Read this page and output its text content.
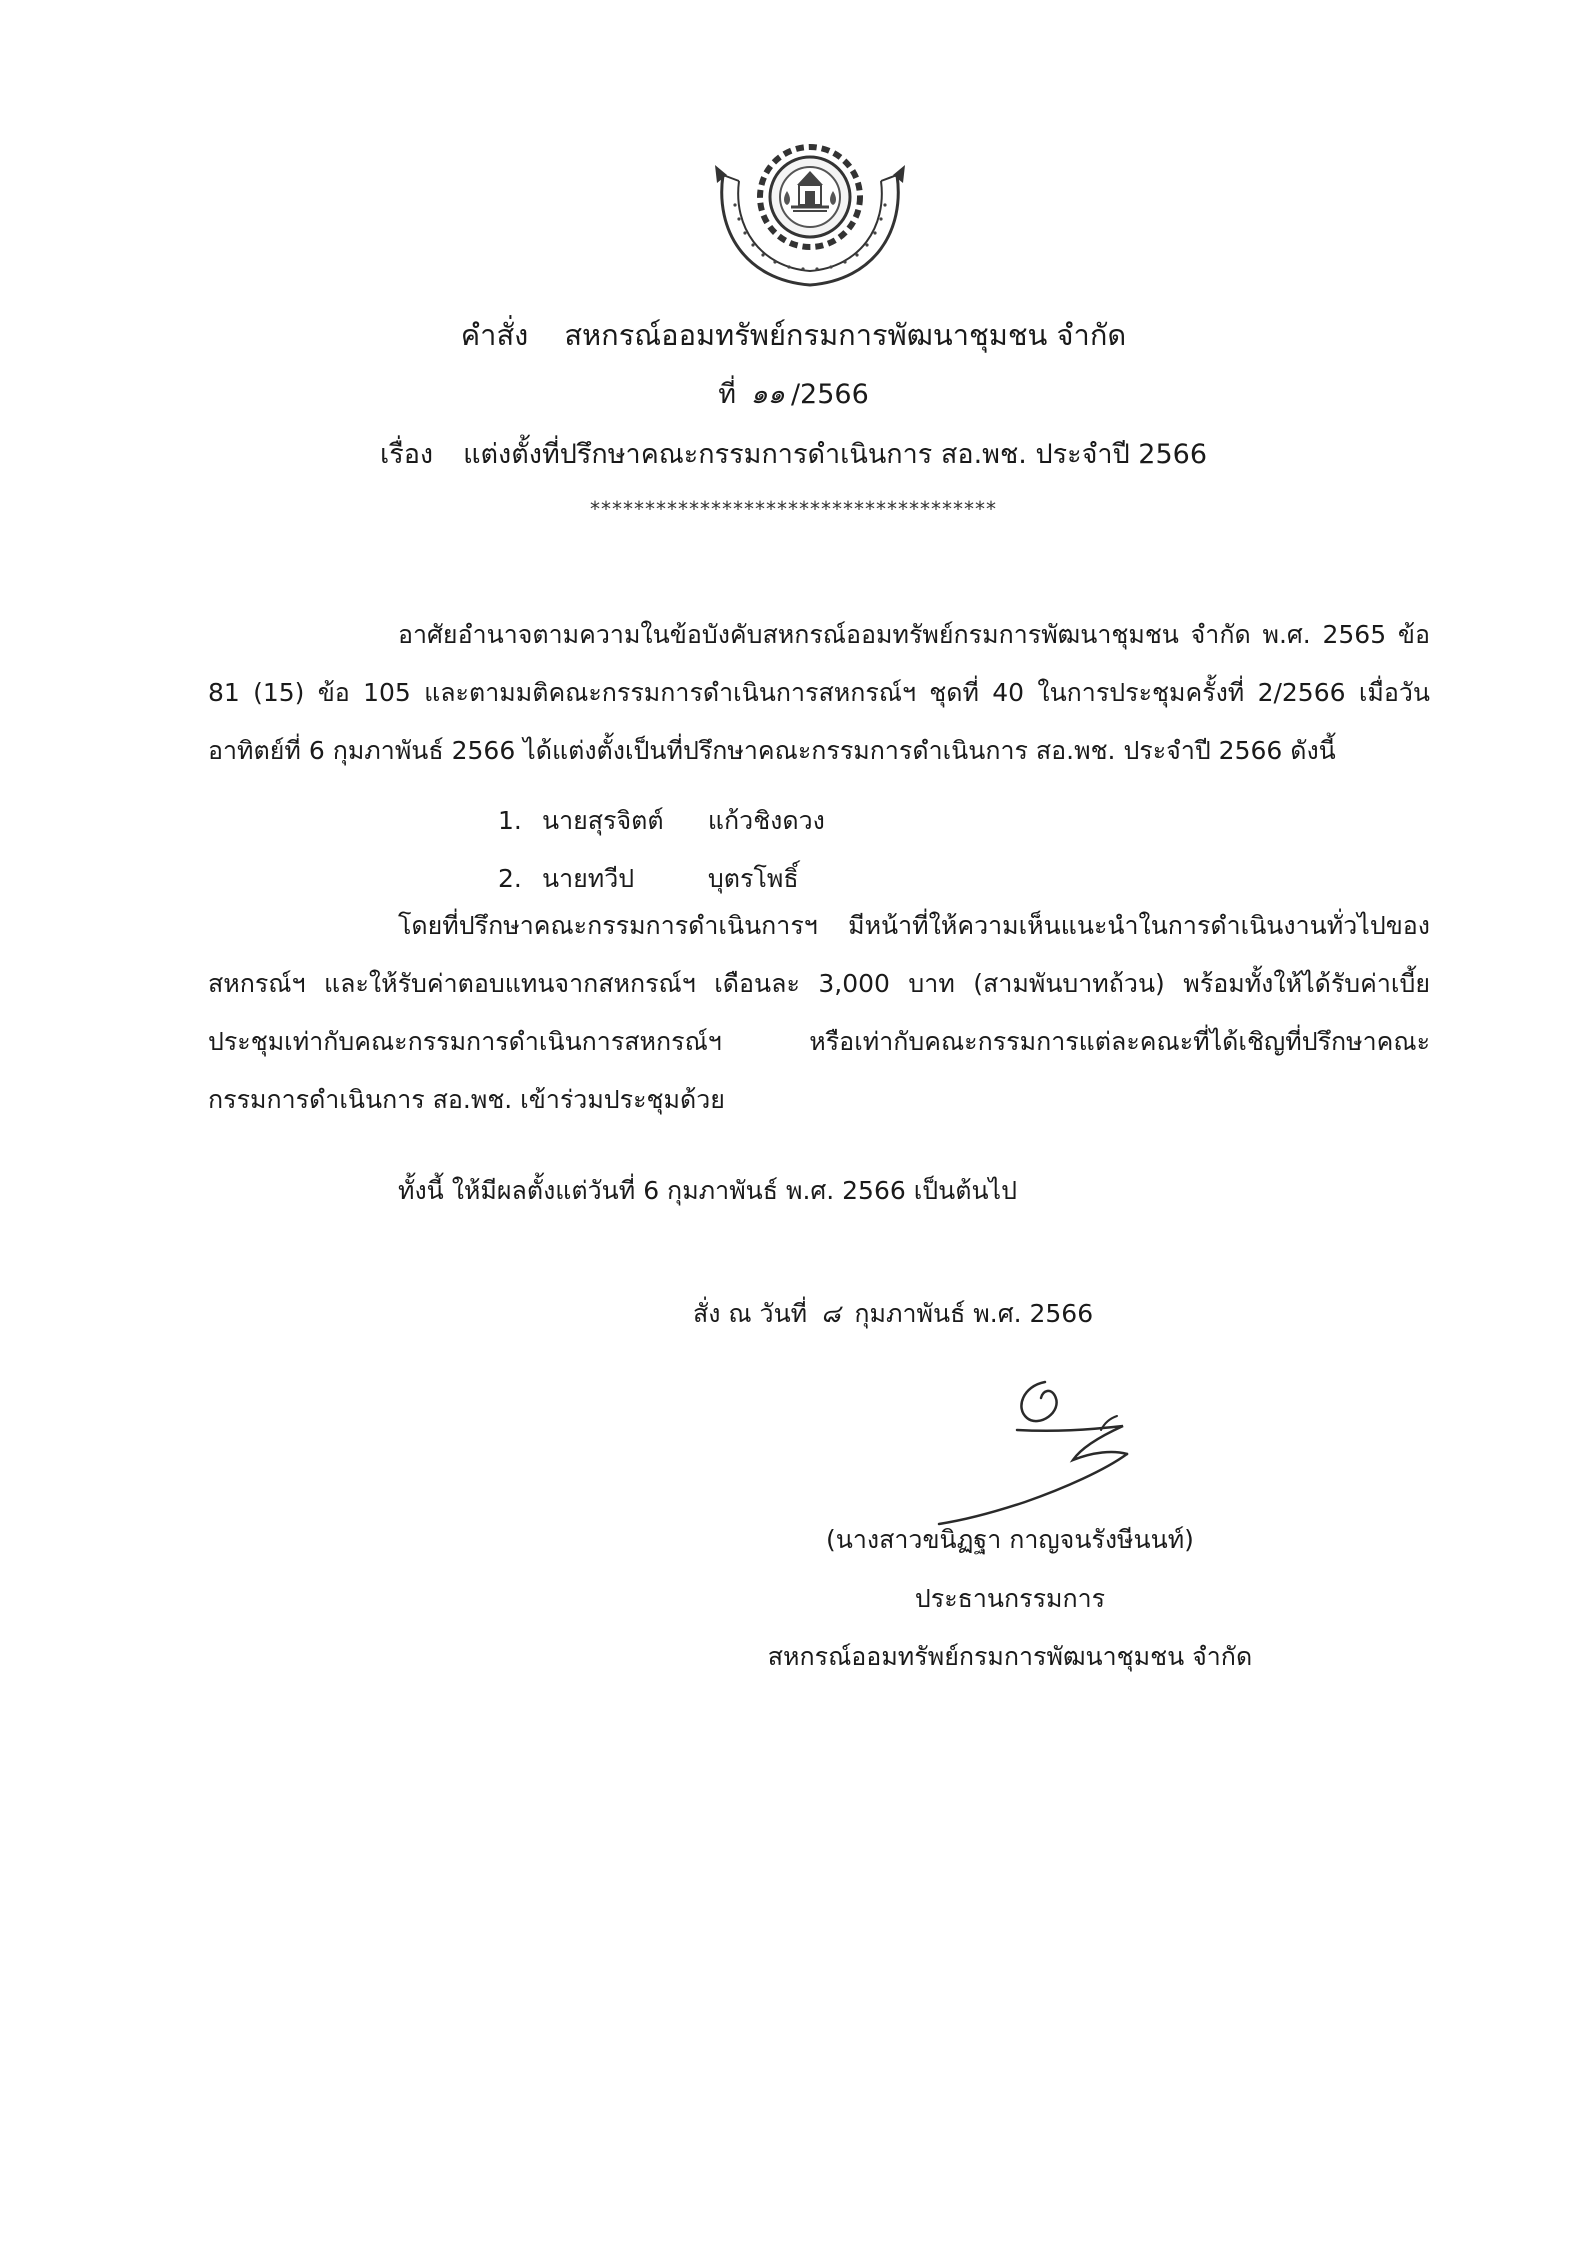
คำสั่ง สหกรณ์ออมทรัพย์กรมการพัฒนาชุมชน จำกัด
ที่ ๑๑ /2566
เรื่อง แต่งตั้งที่ปรึกษาคณะกรรมการดำเนินการ สอ.พช. ประจำปี 2566
*************************************
อาศัยอำนาจตามความในข้อบังคับสหกรณ์ออมทรัพย์กรมการพัฒนาชุมชน จำกัด พ.ศ. 2565 ข้อ 81 (15) ข้อ 105 และตามมติคณะกรรมการดำเนินการสหกรณ์ฯ ชุดที่ 40 ในการประชุมครั้งที่ 2/2566 เมื่อวันอาทิตย์ที่ 6 กุมภาพันธ์ 2566 ได้แต่งตั้งเป็นที่ปรึกษาคณะกรรมการดำเนินการ สอ.พช. ประจำปี 2566 ดังนี้
1. นายสุรจิตต์ แก้วชิงดวง
2. นายทวีป	บุตรโพธิ์
โดยที่ปรึกษาคณะกรรมการดำเนินการฯ มีหน้าที่ให้ความเห็นแนะนำในการดำเนินงานทั่วไปของสหกรณ์ฯ และให้รับค่าตอบแทนจากสหกรณ์ฯ เดือนละ 3,000 บาท (สามพันบาทถ้วน) พร้อมทั้งให้ได้รับค่าเบี้ยประชุมเท่ากับคณะกรรมการดำเนินการสหกรณ์ฯ หรือเท่ากับคณะกรรมการแต่ละคณะที่ได้เชิญที่ปรึกษาคณะกรรมการดำเนินการ สอ.พช. เข้าร่วมประชุมด้วย
ทั้งนี้ ให้มีผลตั้งแต่วันที่ 6 กุมภาพันธ์ พ.ศ. 2566 เป็นต้นไป
สั่ง ณ วันที่ ๘ กุมภาพันธ์ พ.ศ. 2566
(นางสาวขนิฏฐา กาญจนรังษีนนท์)
ประธานกรรมการ
สหกรณ์ออมทรัพย์กรมการพัฒนาชุมชน จำกัด
